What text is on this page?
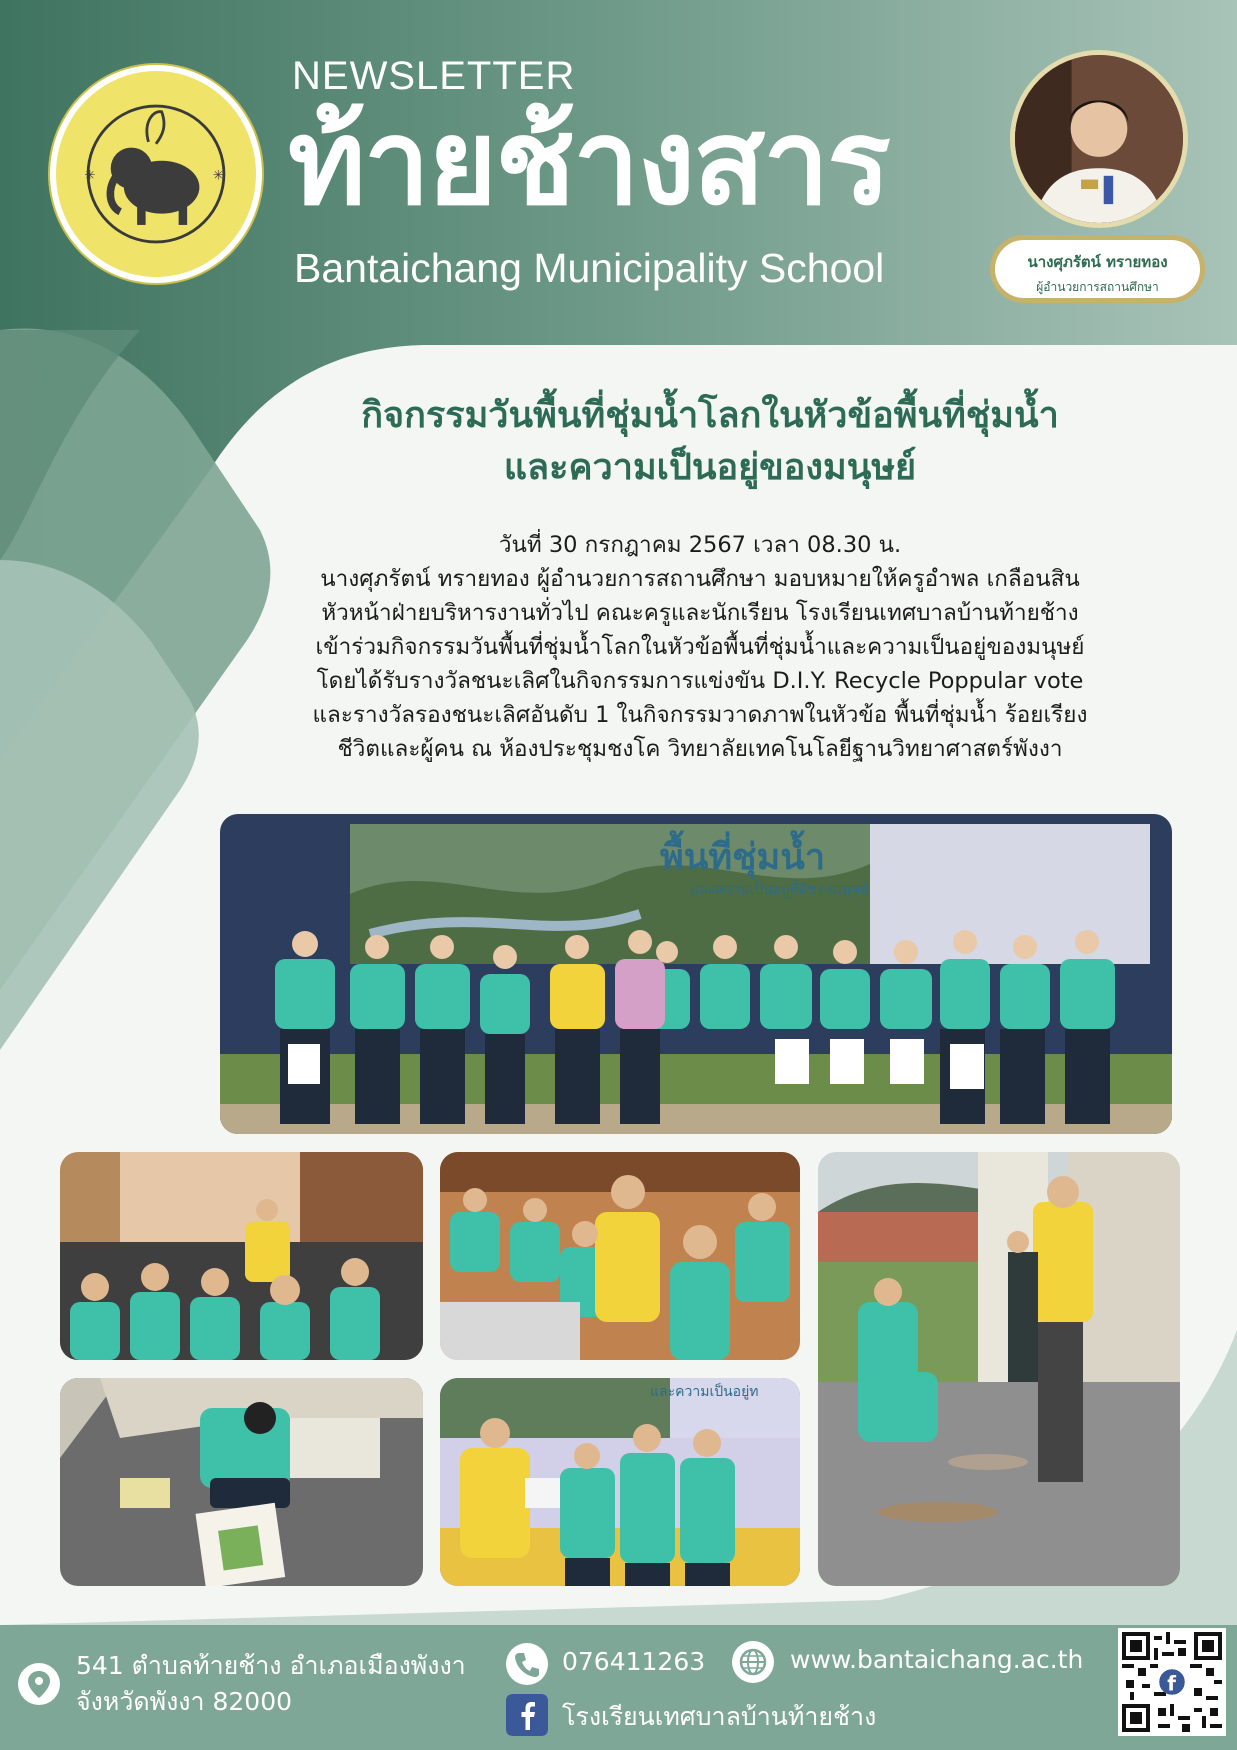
✳	✳
NEWSLETTER
ท้ายช้างสาร
Bantaichang Municipality School	นางศุภรัตน์ ทรายทอง
ผู้อำนวยการสถานศึกษา
กิจกรรมวันพื้นที่ชุ่มน้ำโลกในหัวข้อพื้นที่ชุ่มน้ำ
และความเป็นอยู่ของมนุษย์
วันที่ 30 กรกฎาคม 2567 เวลา 08.30 น.
นางศุภรัตน์ ทรายทอง ผู้อำนวยการสถานศึกษา มอบหมายให้ครูอำพล เกลือนสิน
หัวหน้าฝ่ายบริหารงานทั่วไป คณะครูและนักเรียน โรงเรียนเทศบาลบ้านท้ายช้าง
เข้าร่วมกิจกรรมวันพื้นที่ชุ่มน้ำโลกในหัวข้อพื้นที่ชุ่มน้ำและความเป็นอยู่ของมนุษย์
โดยได้รับรางวัลชนะเลิศในกิจกรรมการแข่งขัน D.I.Y. Recycle Poppular vote
และรางวัลรองชนะเลิศอันดับ 1 ในกิจกรรมวาดภาพในหัวข้อ พื้นที่ชุ่มน้ำ ร้อยเรียง
ชีวิตและผู้คน ณ ห้องประชุมชงโค วิทยาลัยเทคโนโลยีฐานวิทยาศาสตร์พังงา
พื้นที่ชุ่มน้ำ
และความเป็นอยู่ที่ดีของมนุษย์
และความเป็นอยู่ท
541 ตำบลท้ายช้าง อำเภอเมืองพังงา
จังหวัดพังงา 82000
076411263	www.bantaichang.ac.th
โรงเรียนเทศบาลบ้านท้ายช้าง
f
